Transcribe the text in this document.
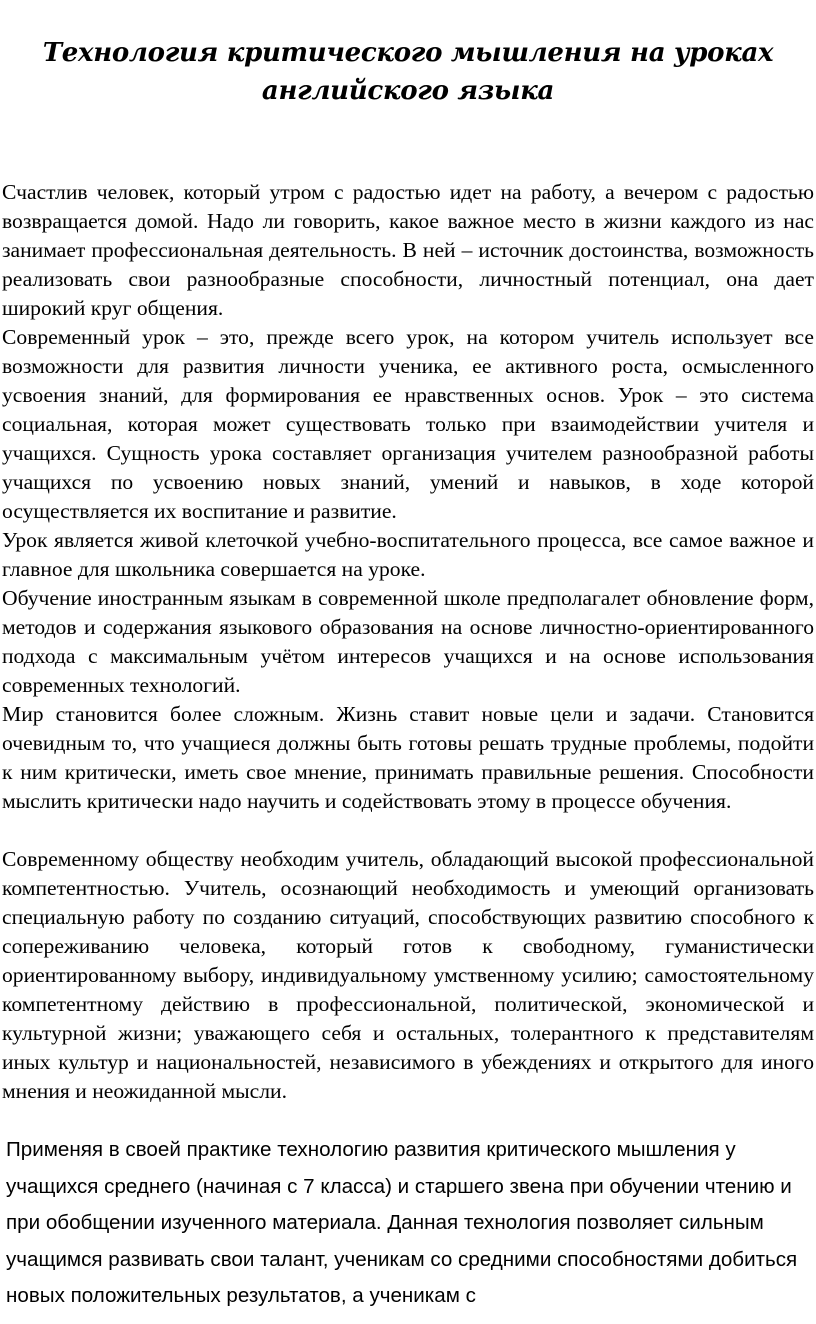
Технология критического мышления на уроках английского языка

Счастлив человек, который утром с радостью идет на работу, а вечером с радостью возвращается домой. Надо ли говорить, какое важное место в жизни каждого из нас занимает профессиональная деятельность. В ней – источник достоинства, возможность реализовать свои разнообразные способности, личностный потенциал, она дает широкий круг общения.

Современный урок – это, прежде всего урок, на котором учитель использует все возможности для развития личности ученика, ее активного роста, осмысленного усвоения знаний, для формирования ее нравственных основ. Урок – это система социальная, которая может существовать только при взаимодействии учителя и учащихся. Сущность урока составляет организация учителем разнообразной работы учащихся по усвоению новых знаний, умений и навыков, в ходе которой осуществляется их воспитание и развитие.

Урок является живой клеточкой учебно-воспитательного процесса, все самое важное и главное для школьника совершается на уроке.

Обучение иностранным языкам в современной школе предполагалет обновление форм, методов и содержания языкового образования на основе личностно-ориентированного подхода с максимальным учётом интересов учащихся и на основе использования современных технологий.

Мир становится более сложным. Жизнь ставит новые цели и задачи. Становится очевидным то, что учащиеся должны быть готовы решать трудные проблемы, подойти к ним критически, иметь свое мнение, принимать правильные решения. Способности мыслить критически надо научить и содействовать этому в процессе обучения.

Современному обществу необходим учитель, обладающий высокой профессиональной компетентностью. Учитель, осознающий необходимость и умеющий организовать специальную работу по созданию ситуаций, способствующих развитию способного к сопереживанию человека, который готов к свободному, гуманистически ориентированному выбору, индивидуальному умственному усилию; самостоятельному компетентному действию в профессиональной, политической, экономической и культурной жизни; уважающего себя и остальных, толерантного к представителям иных культур и национальностей, независимого в убеждениях и открытого для иного мнения и неожиданной мысли.

Применяя в своей практике технологию развития критического мышления у учащихся среднего (начиная с 7 класса) и старшего звена при обучении чтению и при обобщении изученного материала. Данная технология позволяет сильным учащимся развивать свои талант, ученикам со средними способностями добиться новых положительных результатов, а ученикам с
